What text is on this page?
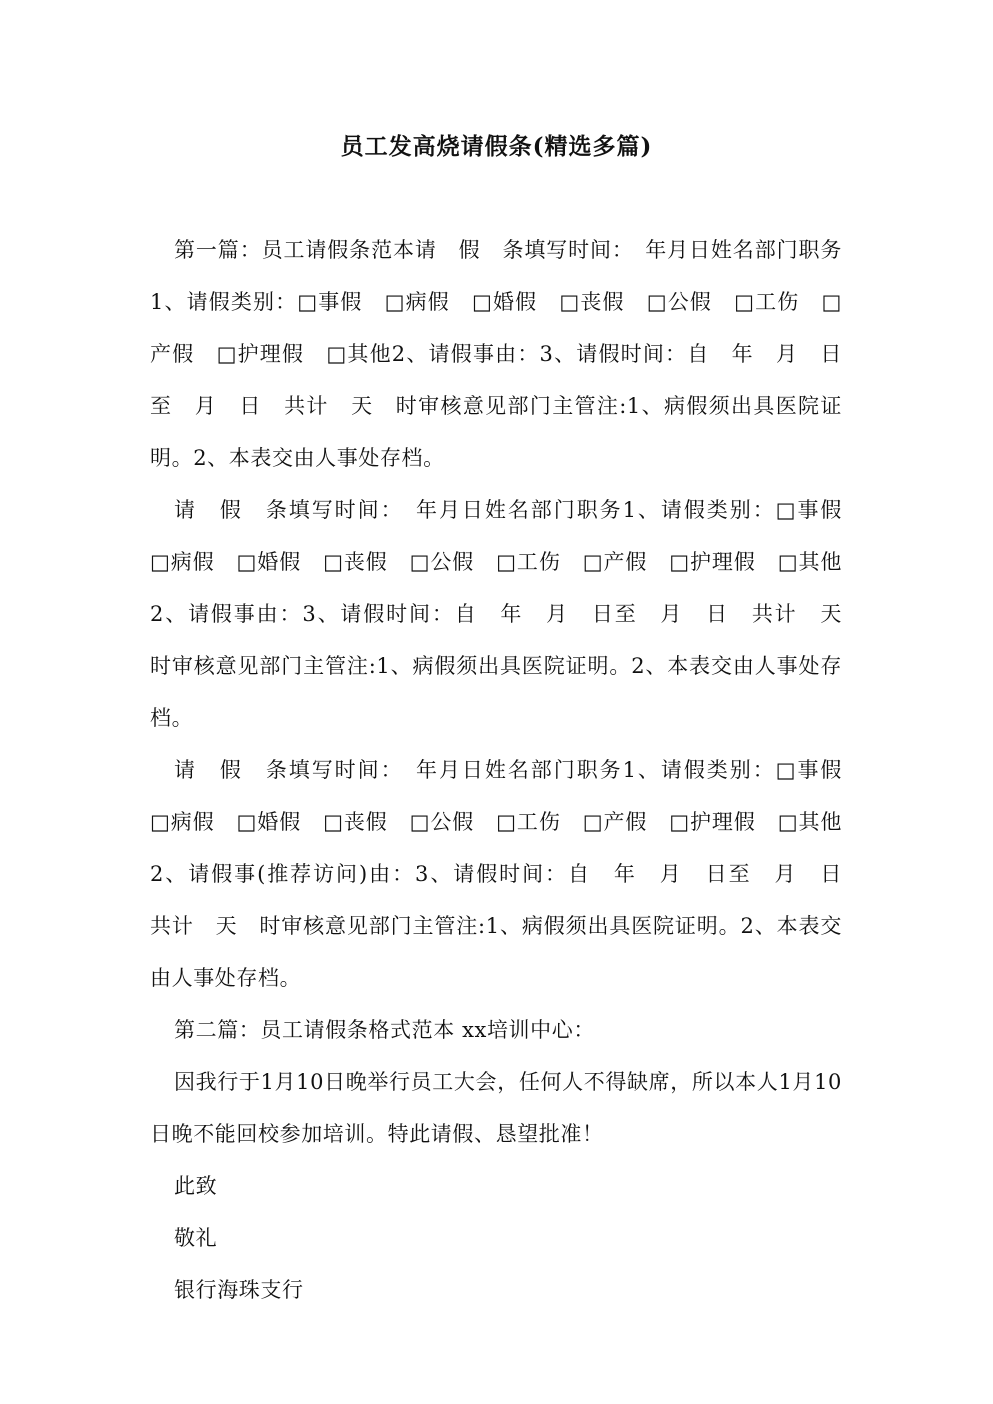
员工发高烧请假条(精选多篇)

第一篇：员工请假条范本请　假　条填写时间：　年月日姓名部门职务1、请假类别：□事假　□病假　□婚假　□丧假　□公假　□工伤　□产假　□护理假　□其他2、请假事由：3、请假时间：自　年　月　日至　月　日　共计　天　时审核意见部门主管注:1、病假须出具医院证明。2、本表交由人事处存档。

请　假　条填写时间：　年月日姓名部门职务1、请假类别：□事假　□病假　□婚假　□丧假　□公假　□工伤　□产假　□护理假　□其他2、请假事由：3、请假时间：自　年　月　日至　月　日　共计　天　时审核意见部门主管注:1、病假须出具医院证明。2、本表交由人事处存档。

请　假　条填写时间：　年月日姓名部门职务1、请假类别：□事假　□病假　□婚假　□丧假　□公假　□工伤　□产假　□护理假　□其他2、请假事(推荐访问)由：3、请假时间：自　年　月　日至　月　日　共计　天　时审核意见部门主管注:1、病假须出具医院证明。2、本表交由人事处存档。

第二篇：员工请假条格式范本 xx培训中心：

因我行于1月10日晚举行员工大会，任何人不得缺席，所以本人1月10日晚不能回校参加培训。特此请假、恳望批准！

此致

敬礼

银行海珠支行
